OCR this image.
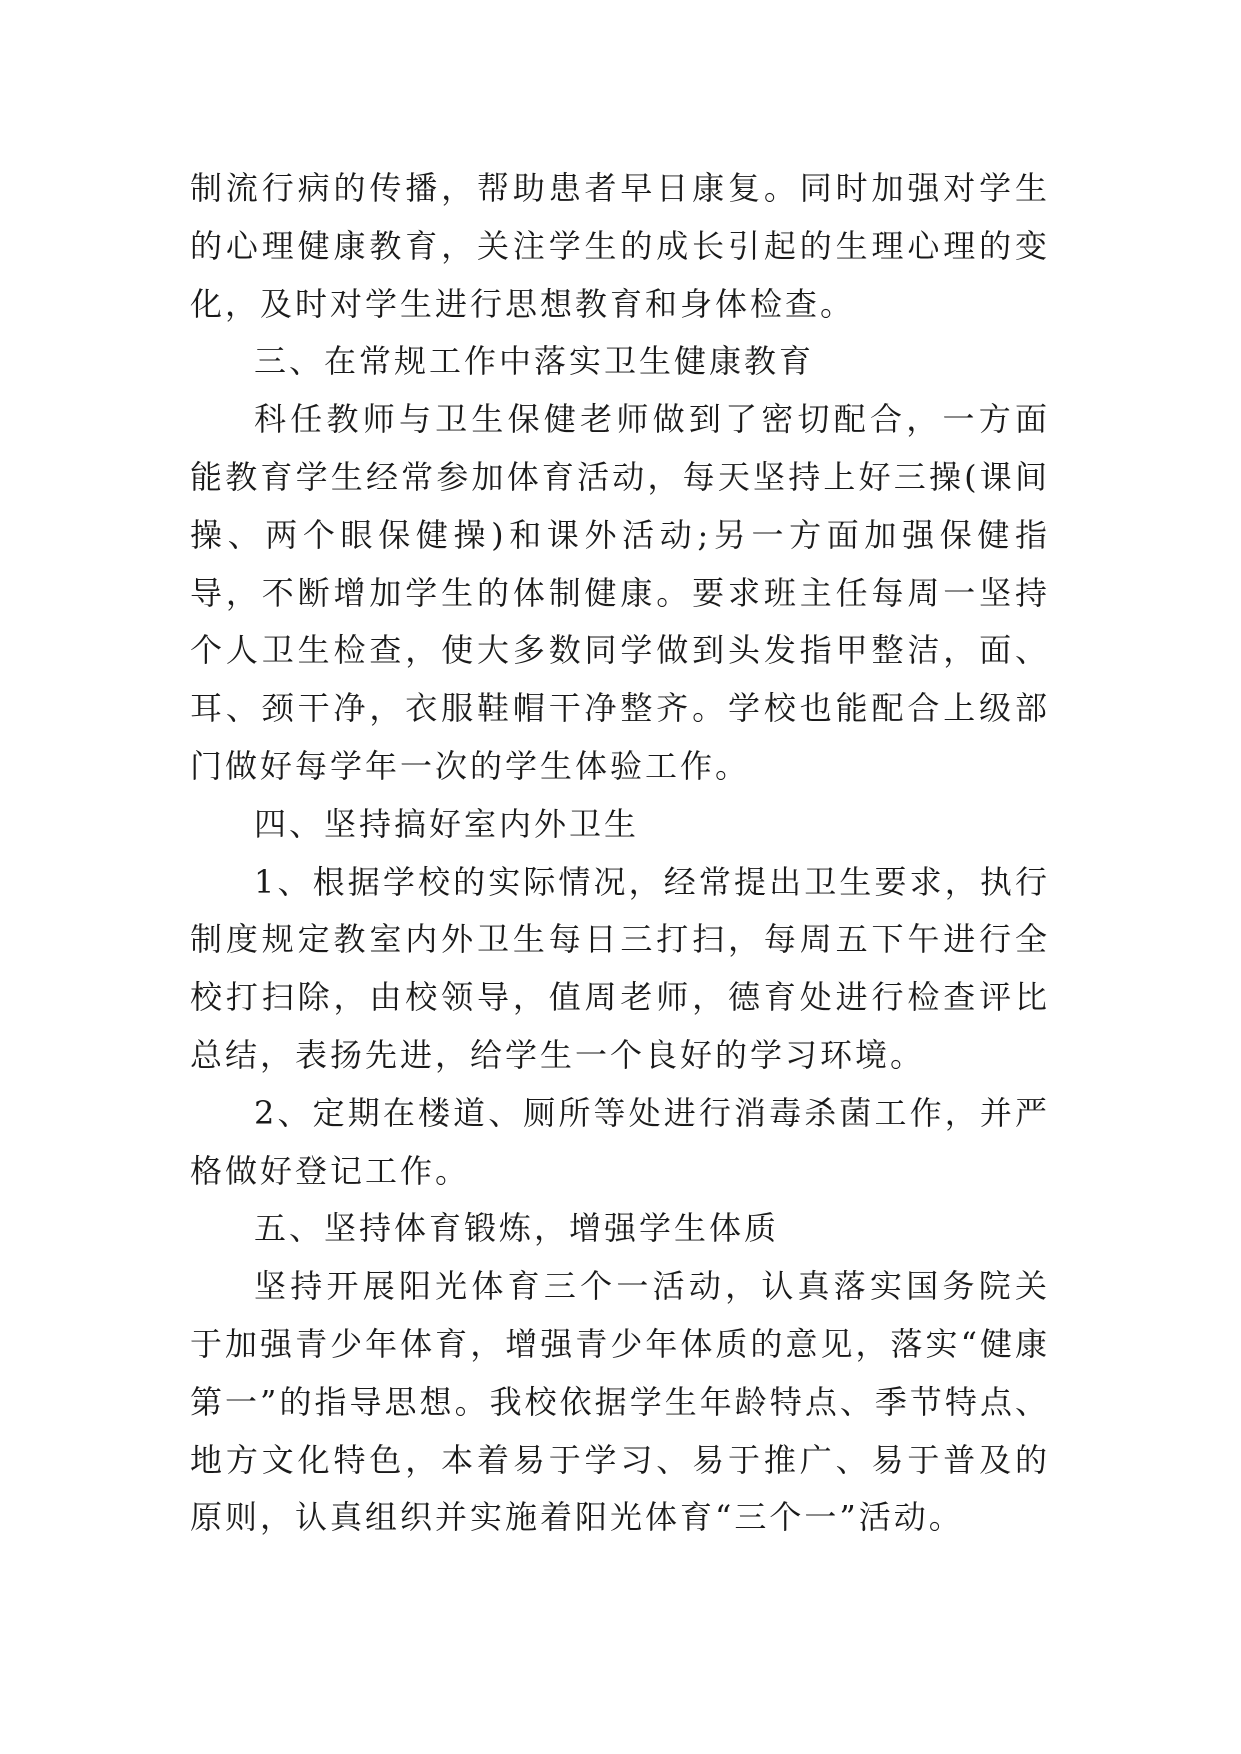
制流行病的传播，帮助患者早日康复。同时加强对学生的心理健康教育，关注学生的成长引起的生理心理的变化，及时对学生进行思想教育和身体检查。

三、在常规工作中落实卫生健康教育

科任教师与卫生保健老师做到了密切配合，一方面能教育学生经常参加体育活动，每天坚持上好三操(课间操、两个眼保健操)和课外活动;另一方面加强保健指导，不断增加学生的体制健康。要求班主任每周一坚持个人卫生检查，使大多数同学做到头发指甲整洁，面、耳、颈干净，衣服鞋帽干净整齐。学校也能配合上级部门做好每学年一次的学生体验工作。

四、坚持搞好室内外卫生

1、根据学校的实际情况，经常提出卫生要求，执行制度规定教室内外卫生每日三打扫，每周五下午进行全校打扫除，由校领导，值周老师，德育处进行检查评比总结，表扬先进，给学生一个良好的学习环境。

2、定期在楼道、厕所等处进行消毒杀菌工作，并严格做好登记工作。

五、坚持体育锻炼，增强学生体质

坚持开展阳光体育三个一活动，认真落实国务院关于加强青少年体育，增强青少年体质的意见，落实“健康第一”的指导思想。我校依据学生年龄特点、季节特点、地方文化特色，本着易于学习、易于推广、易于普及的原则，认真组织并实施着阳光体育“三个一”活动。
